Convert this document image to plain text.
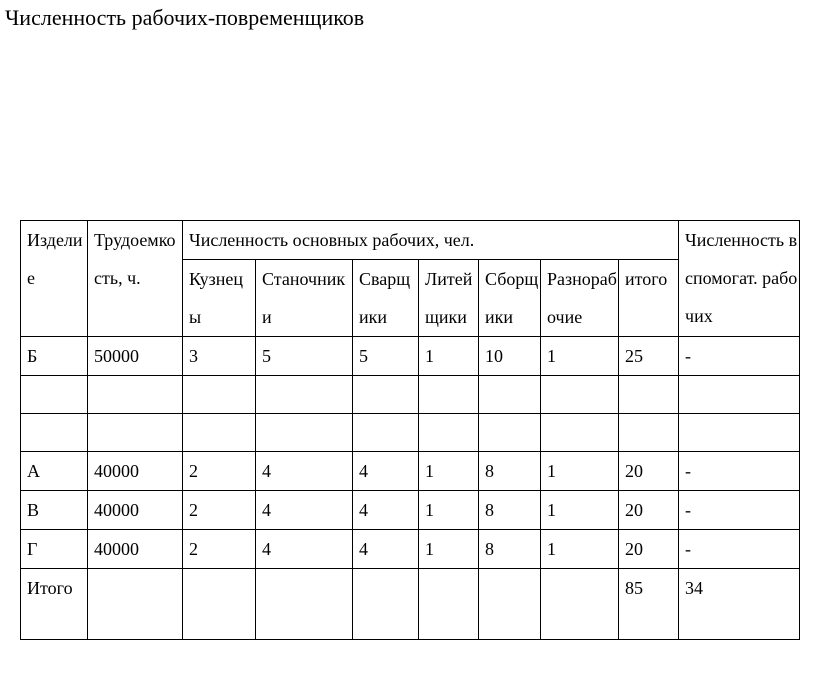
Численность рабочих-повременщиков
Изделие	Трудоемкость, ч.	Численность основных рабочих, чел.							Численность вспомогат. рабочих

		Кузнецы	Станочники	Сварщики	Литейщики	Сборщики	Разнорабочие	итого	
Б	50000	3	5	5	1	10	1	25	-

А	40000	2	4	4	1	8	1	20	-
В	40000	2	4	4	1	8	1	20	-
Г	40000	2	4	4	1	8	1	20	-
Итого								85	34
